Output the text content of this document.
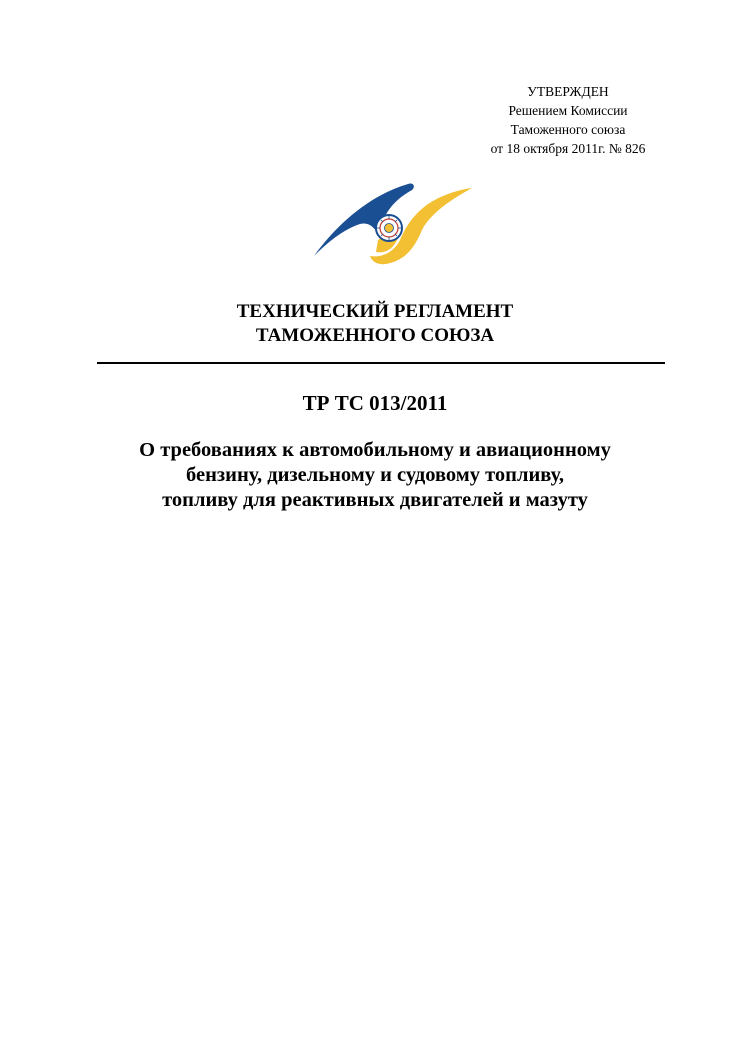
УТВЕРЖДЕН
Решением Комиссии
Таможенного союза
от 18 октября 2011г. № 826
ТЕХНИЧЕСКИЙ РЕГЛАМЕНТ
ТАМОЖЕННОГО СОЮЗА
ТР ТС 013/2011
О требованиях к автомобильному и авиационному
бензину, дизельному и судовому топливу,
топливу для реактивных двигателей и мазуту
